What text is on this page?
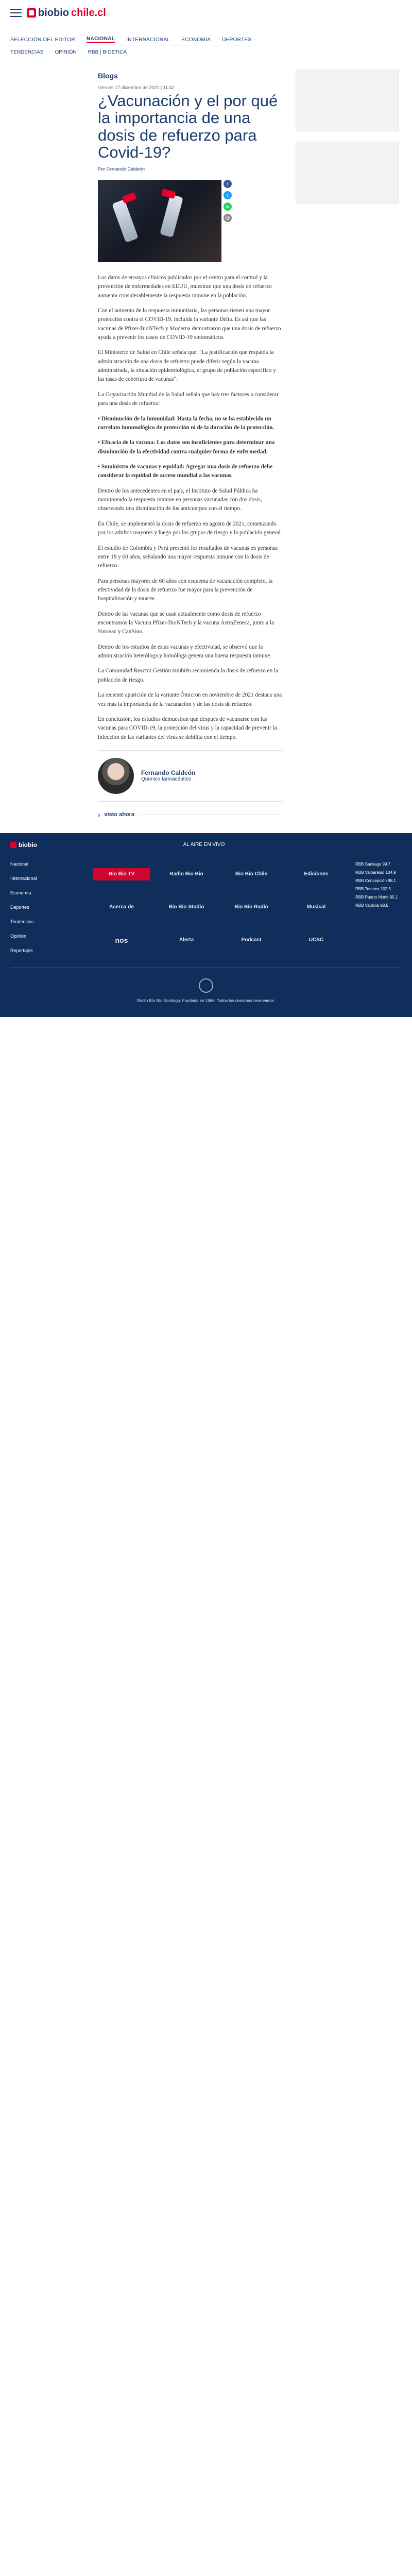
biobio chile.cl
SELECCIÓN DEL EDITOR NACIONAL INTERNACIONAL ECONOMÍA DEPORTES
TENDENCIAS OPINIÓN RBB | BIOÉTICA
Blogs
Viernes 17 diciembre de 2021 | 11:42
¿Vacunación y el por qué la importancia de una dosis de refuerzo para Covid-19?
Por Fernando Caldeón
f
t
w
@

Los datos de ensayos clínicos publicados por el centro para el control y la prevención de enfermedades en EEUU, muestran que una dosis de refuerzo aumenta considerablemente la respuesta inmune en la población.

Con el aumento de la respuesta inmunitaria, las personas tienen una mayor protección contra el COVID-19, incluida la variante Delta. Es así que las vacunas de Pfizer-BioNTech y Moderna demostraron que una dosis de refuerzo ayuda a prevenir los casos de COVID-19 sintomáticos.

El Ministerio de Salud en Chile señala que: "La justificación que respalda la administración de una dosis de refuerzo puede diferir según la vacuna administrada, la situación epidemiológica, el grupo de población específico y las tasas de cobertura de vacunas".

La Organización Mundial de la Salud señala que hay tres factores a considerar para una dosis de refuerzo:

• Disminución de la inmunidad: Hasta la fecha, no se ha establecido un correlato inmunológico de protección ni de la duración de la protección.

• Eficacia de la vacuna: Los datos son insuficientes para determinar una disminución de la efectividad contra cualquier forma de enfermedad.

• Suministro de vacunas y equidad: Agregar una dosis de refuerzo debe considerar la equidad de acceso mundial a las vacunas.

Dentro de los antecedentes en el país, el Instituto de Salud Pública ha monitoreado la respuesta inmune en personas vacunadas con dos dosis, observando una disminución de los anticuerpos con el tiempo.

En Chile, se implementó la dosis de refuerzo en agosto de 2021, comenzando por los adultos mayores y luego por los grupos de riesgo y la población general.

El estudio de Colombia y Perú presentó los resultados de vacunas en personas entre 18 y 60 años, señalando una mayor respuesta inmune con la dosis de refuerzo.

Para personas mayores de 60 años con esquema de vacunación completo, la efectividad de la dosis de refuerzo fue mayor para la prevención de hospitalización y muerte.

Dentro de las vacunas que se usan actualmente como dosis de refuerzo encontramos la Vacuna Pfizer-BioNTech y la vacuna AstraZeneca, junto a la Sinovac y CanSino.

Dentro de los estudios de estas vacunas y efectividad, se observó que la administración heteróloga y homóloga genera una buena respuesta inmune.

La Comunidad Reactor Gestión también recomienda la dosis de refuerzo en la población de riesgo.

La reciente aparición de la variante Ómicron en noviembre de 2021 destaca una vez más la importancia de la vacunación y de las dosis de refuerzo.

En conclusión, los estudios demuestran que después de vacunarse con las vacunas para COVID-19, la protección del virus y la capacidad de prevenir la infección de las variantes del virus se debilita con el tiempo.

Fernando Caldeón
Químico farmacéutico
› visto ahora
biobio	AL AIRE EN VIVO
Nacional
Internacional
Economía
Deportes
Tendencias
Opinión
Reportajes
Bio Bio TV	Radio Bio Bio	Bio Bio Chile	Ediciones
Acerca de	Bio Bio Studio	Bio Bio Radio	Musical
nos	Alerta	Podcast	UCSC
RBB Santiago 99.7
RBB Valparaíso 104.9
RBB Concepción 98.1
RBB Temuco 102.5
RBB Puerto Montt 95.1
RBB Valdivia 98.5
Radio Bío Bío Santiago. Fundada en 1966. Todos los derechos reservados.
